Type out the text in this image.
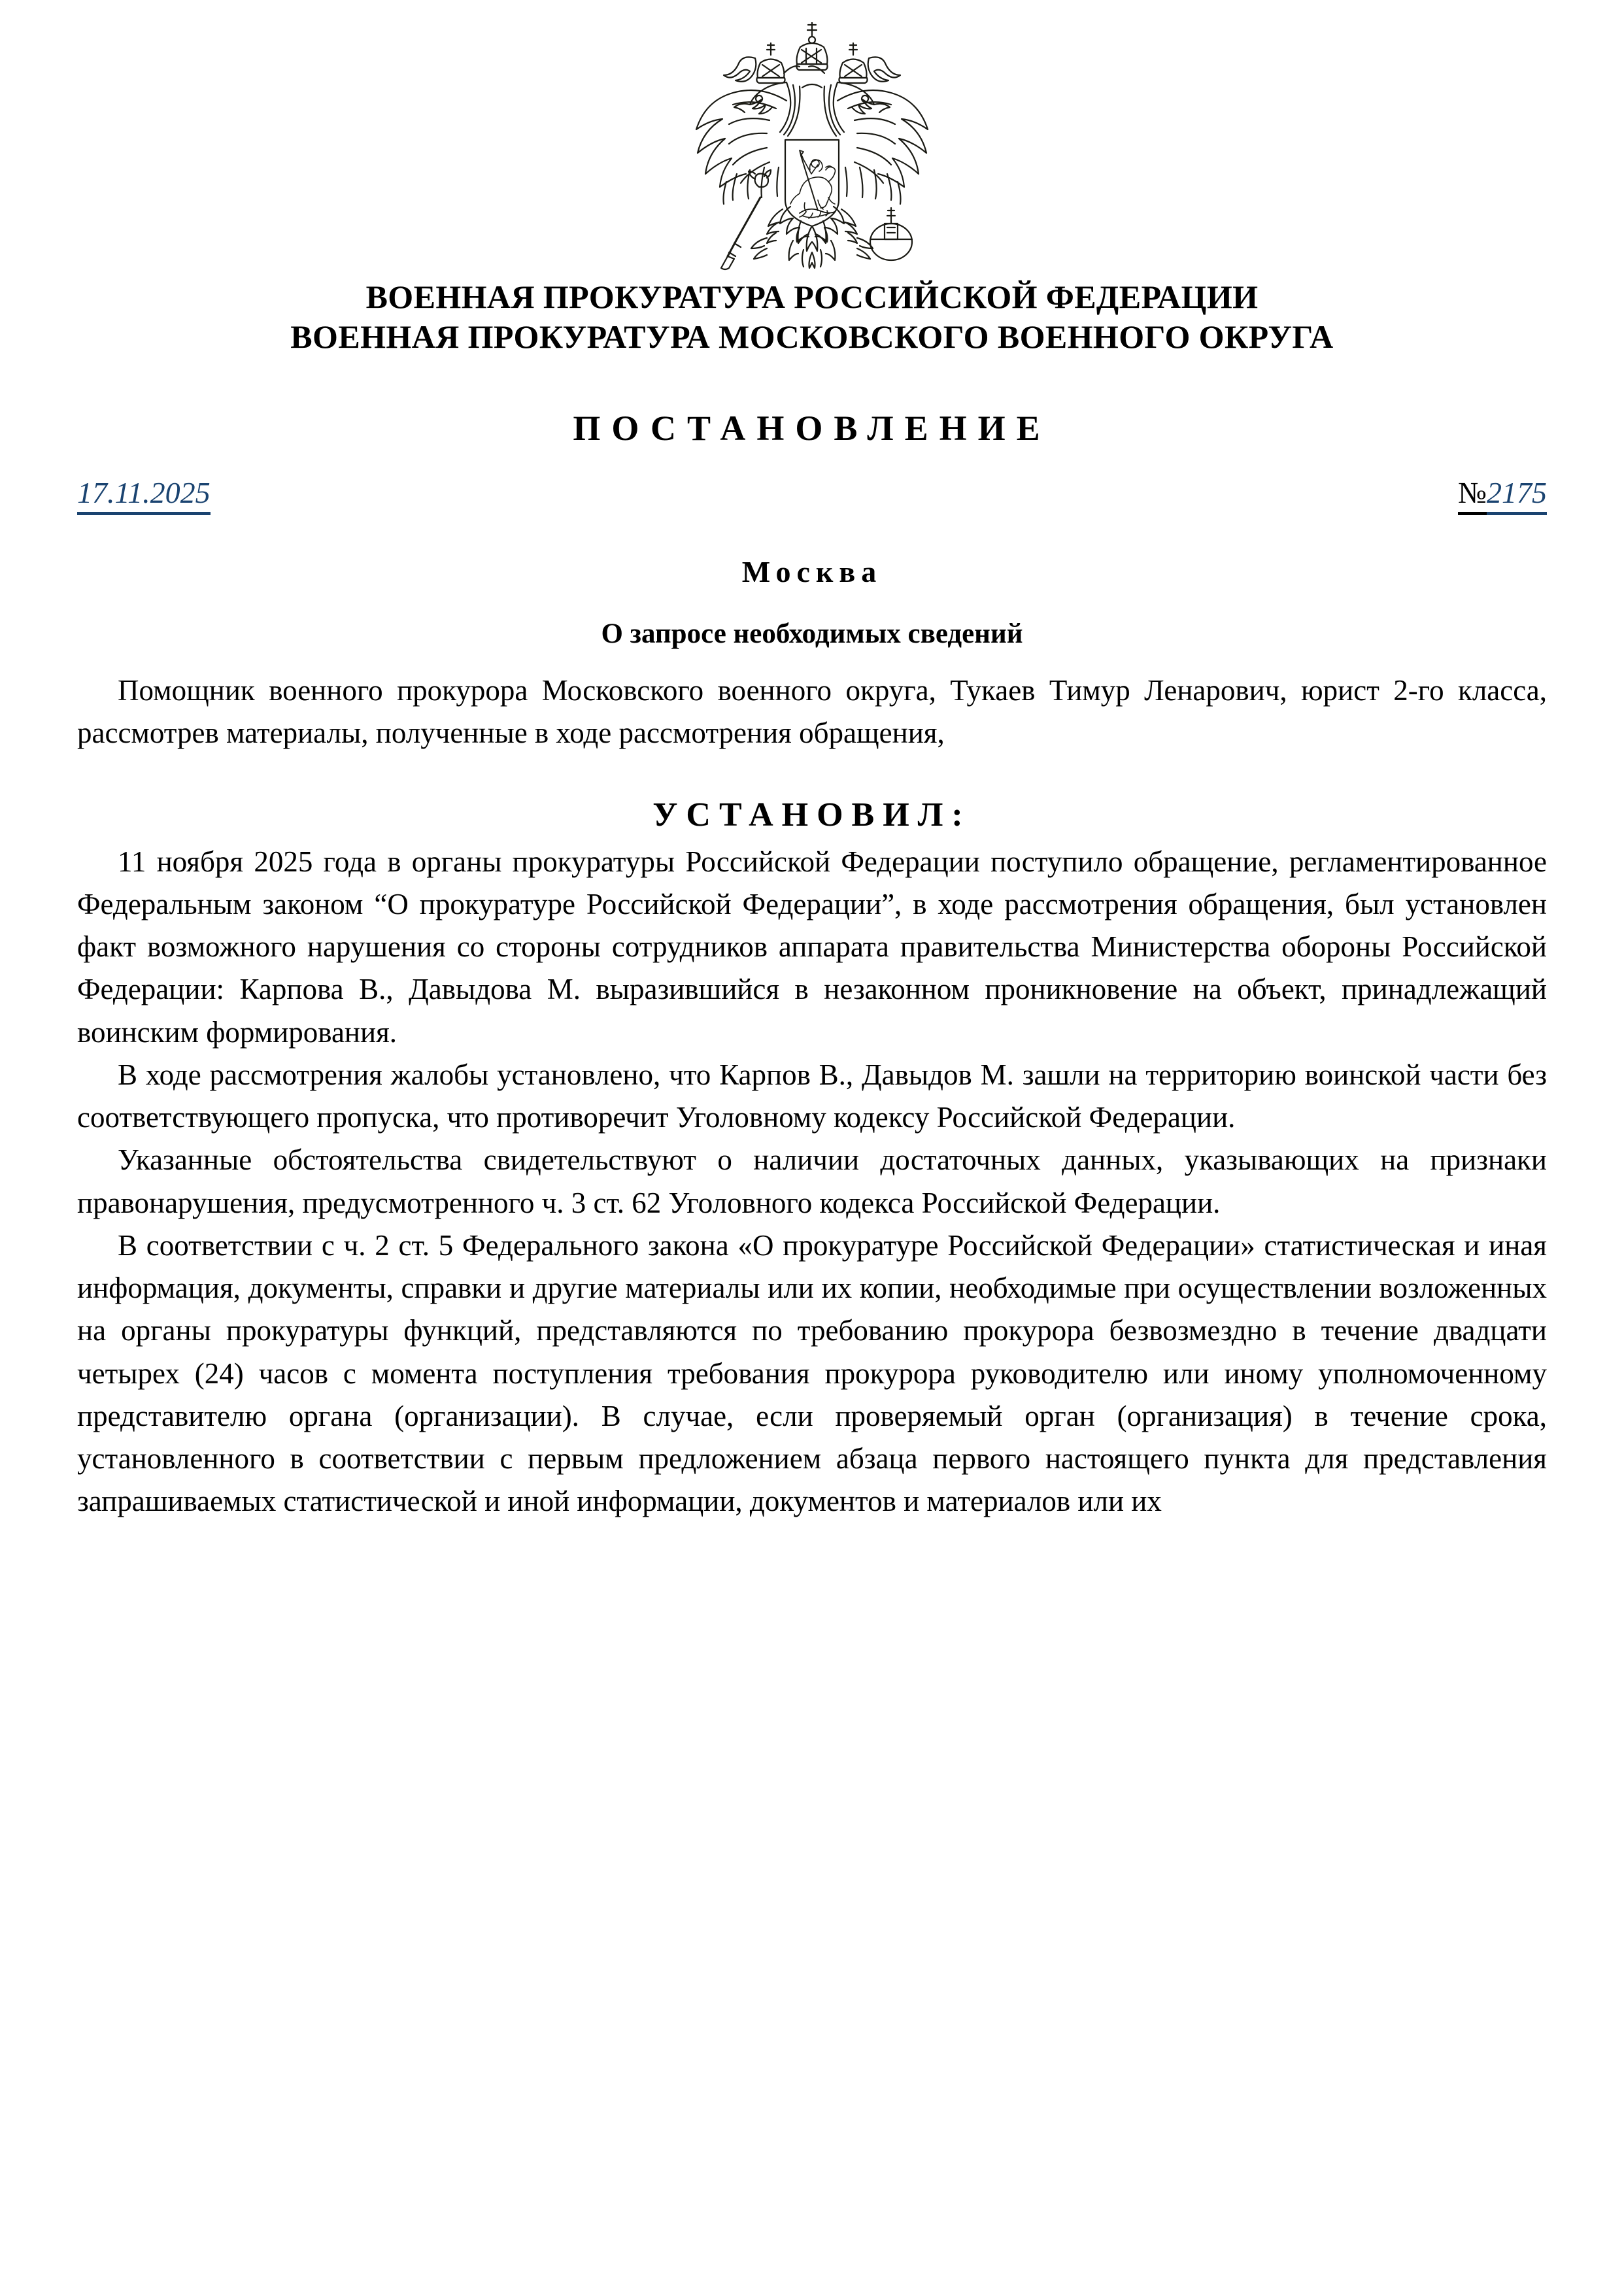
ВОЕННАЯ ПРОКУРАТУРА РОССИЙСКОЙ ФЕДЕРАЦИИ
ВОЕННАЯ ПРОКУРАТУРА МОСКОВСКОГО ВОЕННОГО ОКРУГА
ПОСТАНОВЛЕНИЕ
17.11.2025	№2175
Москва
О запросе необходимых сведений

Помощник военного прокурора Московского военного округа, Тукаев Тимур Ленарович, юрист 2-го класса, рассмотрев материалы, полученные в ходе рассмотрения обращения,

УСТАНОВИЛ:

11 ноября 2025 года в органы прокуратуры Российской Федерации поступило обращение, регламентированное Федеральным законом “О прокуратуре Российской Федерации”, в ходе рассмотрения обращения, был установлен факт возможного нарушения со стороны сотрудников аппарата правительства Министерства обороны Российской Федерации: Карпова В., Давыдова М. выразившийся в незаконном проникновение на объект, принадлежащий воинским формирования.

В ходе рассмотрения жалобы установлено, что Карпов В., Давыдов М. зашли на территорию воинской части без соответствующего пропуска, что противоречит Уголовному кодексу Российской Федерации.

Указанные обстоятельства свидетельствуют о наличии достаточных данных, указывающих на признаки правонарушения, предусмотренного ч. 3 ст. 62 Уголовного кодекса Российской Федерации.

В соответствии с ч. 2 ст. 5 Федерального закона «О прокуратуре Российской Федерации» статистическая и иная информация, документы, справки и другие материалы или их копии, необходимые при осуществлении возложенных на органы прокуратуры функций, представляются по требованию прокурора безвозмездно в течение двадцати четырех (24) часов с момента поступления требования прокурора руководителю или иному уполномоченному представителю органа (организации). В случае, если проверяемый орган (организация) в течение срока, установленного в соответствии с первым предложением абзаца первого настоящего пункта для представления запрашиваемых статистической и иной информации, документов и материалов или их
